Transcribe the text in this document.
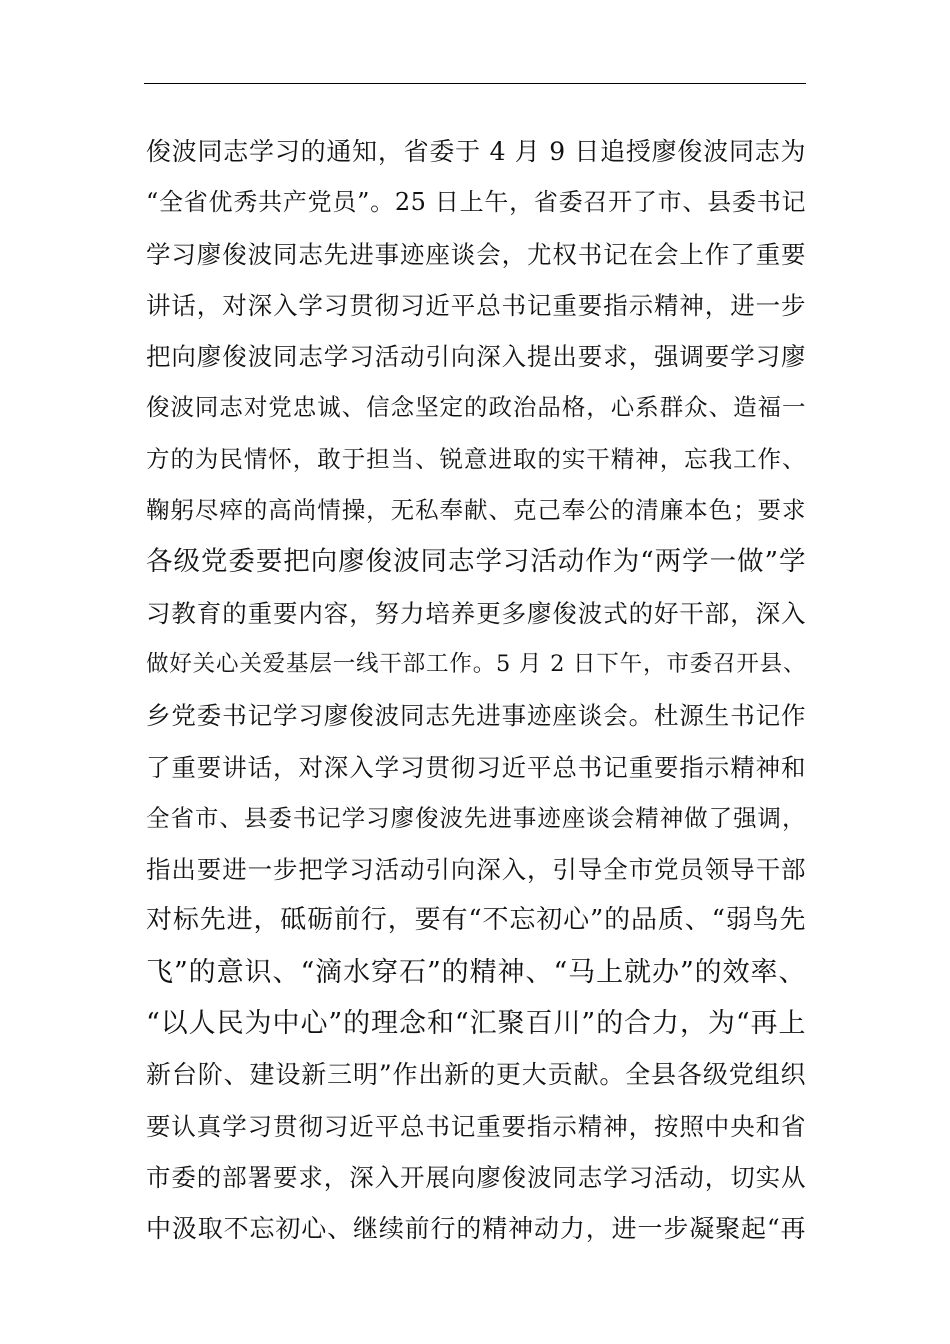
俊波同志学习的通知，省委于 4 月 9 日追授廖俊波同志为
“全省优秀共产党员”。25 日上午，省委召开了市、县委书记
学习廖俊波同志先进事迹座谈会，尤权书记在会上作了重要
讲话，对深入学习贯彻习近平总书记重要指示精神，进一步
把向廖俊波同志学习活动引向深入提出要求，强调要学习廖
俊波同志对党忠诚、信念坚定的政治品格，心系群众、造福一
方的为民情怀，敢于担当、锐意进取的实干精神，忘我工作、
鞠躬尽瘁的高尚情操，无私奉献、克己奉公的清廉本色；要求
各级党委要把向廖俊波同志学习活动作为“两学一做”学
习教育的重要内容，努力培养更多廖俊波式的好干部，深入
做好关心关爱基层一线干部工作。5 月 2 日下午，市委召开县、
乡党委书记学习廖俊波同志先进事迹座谈会。杜源生书记作
了重要讲话，对深入学习贯彻习近平总书记重要指示精神和
全省市、县委书记学习廖俊波先进事迹座谈会精神做了强调，
指出要进一步把学习活动引向深入，引导全市党员领导干部
对标先进，砥砺前行，要有“不忘初心”的品质、“弱鸟先
飞”的意识、“滴水穿石”的精神、“马上就办”的效率、
“以人民为中心”的理念和“汇聚百川”的合力，为“再上
新台阶、建设新三明”作出新的更大贡献。全县各级党组织
要认真学习贯彻习近平总书记重要指示精神，按照中央和省
市委的部署要求，深入开展向廖俊波同志学习活动，切实从
中汲取不忘初心、继续前行的精神动力，进一步凝聚起“再
